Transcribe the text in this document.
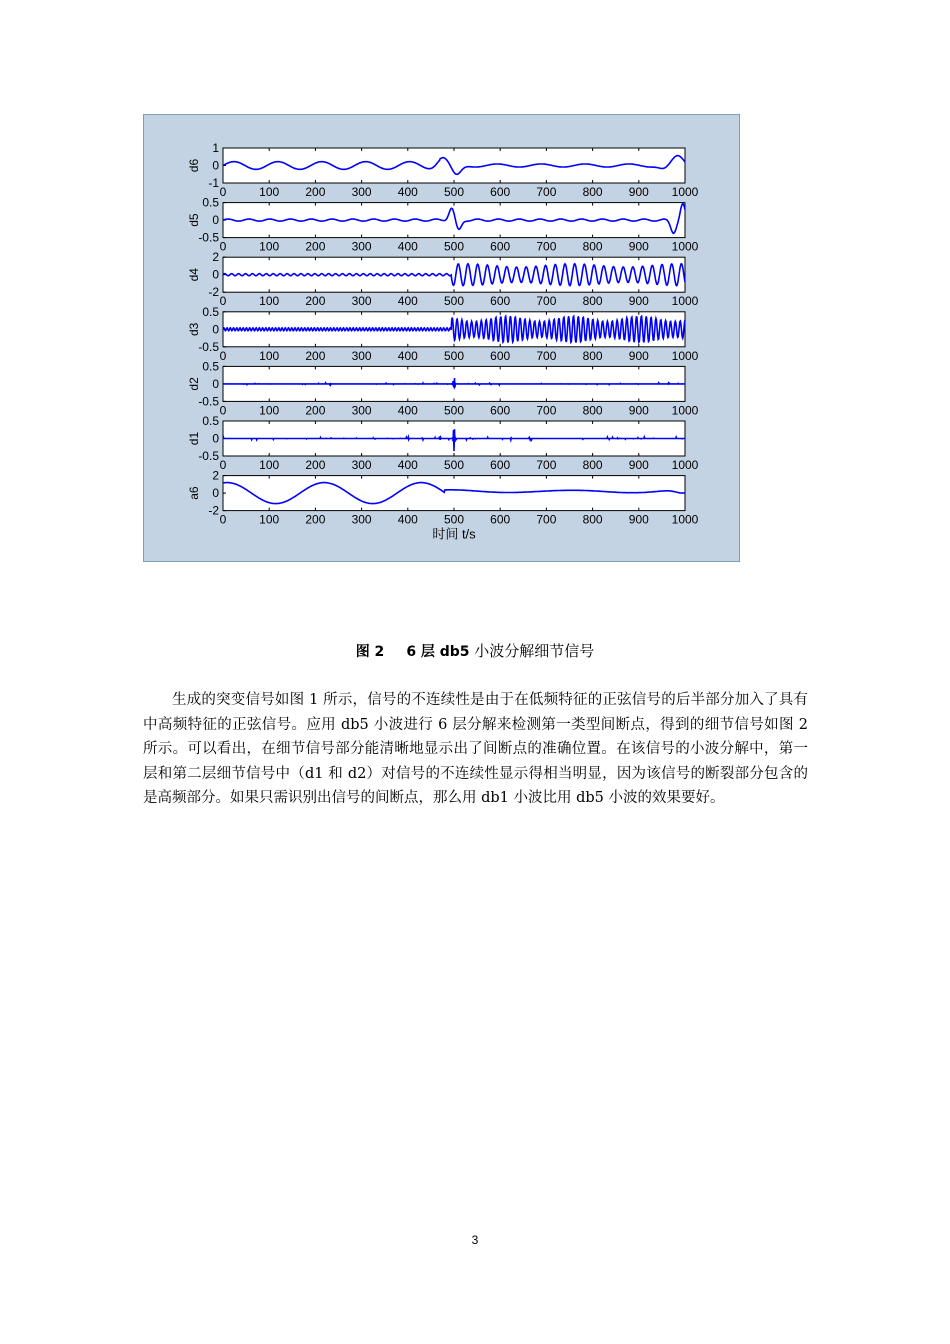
0	100 200 300 400 500 600 700 800 900 1000
1
0
-1
d6
0	100 200 300 400 500 600 700 800 900 1000
0.5
0
-0.5
d5
0	100 200 300 400 500 600 700 800 900 1000
2
0
-2
d4
0	100 200 300 400 500 600 700 800 900 1000
0.5
0
-0.5
d3
0	100 200 300 400 500 600 700 800 900 1000
0.5
0
-0.5
d2
0	100 200 300 400 500 600 700 800 900 1000
0.5
0
-0.5
d1
0	100 200 300 400 500 600 700 800 900 1000
2
0
-2
a6
时间 t/s
图 2 6 层 db5 小波分解细节信号

生成的突变信号如图 1 所示，信号的不连续性是由于在低频特征的正弦信号的后半部分加入了具有中高频特征的正弦信号。应用 db5 小波进行 6 层分解来检测第一类型间断点，得到的细节信号如图 2 所示。可以看出，在细节信号部分能清晰地显示出了间断点的准确位置。在该信号的小波分解中，第一层和第二层细节信号中（d1 和 d2）对信号的不连续性显示得相当明显，因为该信号的断裂部分包含的是高频部分。如果只需识别出信号的间断点，那么用 db1 小波比用 db5 小波的效果要好。

3
